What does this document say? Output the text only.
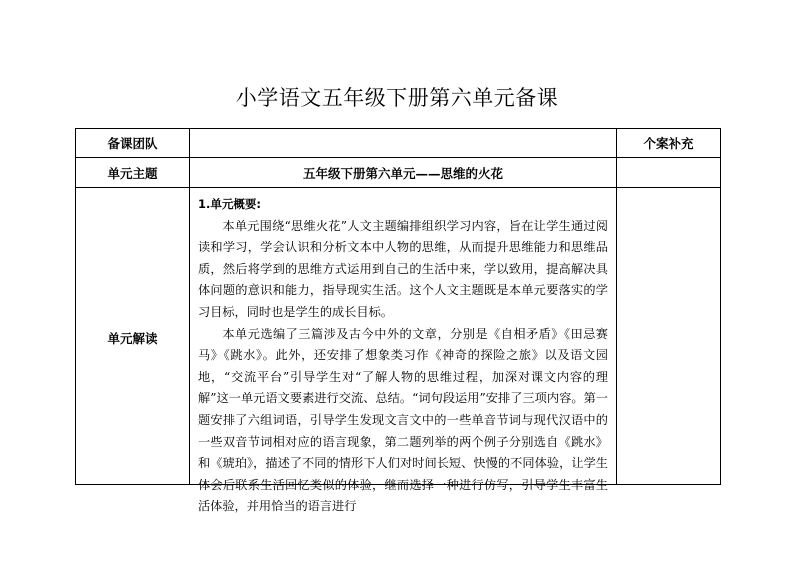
小学语文五年级下册第六单元备课
备课团队		个案补充
单元主题	五年级下册第六单元——思维的火花	
单元解读	1.单元概要:

本单元围绕“思维火花”人文主题编排组织学习内容，旨在让学生通过阅读和学习，学会认识和分析文本中人物的思维，从而提升思维能力和思维品质，然后将学到的思维方式运用到自己的生活中来，学以致用，提高解决具体问题的意识和能力，指导现实生活。这个人文主题既是本单元要落实的学习目标，同时也是学生的成长目标。

本单元选编了三篇涉及古今中外的文章，分别是《自相矛盾》《田忌赛马》《跳水》。此外，还安排了想象类习作《神奇的探险之旅》以及语文园地，“交流平台”引导学生对“了解人物的思维过程，加深对课文内容的理解”这一单元语文要素进行交流、总结。“词句段运用”安排了三项内容。第一题安排了六组词语，引导学生发现文言文中的一些单音节词与现代汉语中的一些双音节词相对应的语言现象，第二题列举的两个例子分别选自《跳水》和《琥珀》，描述了不同的情形下人们对时间长短、快慢的不同体验，让学生体会后联系生活回忆类似的体验，继而选择一种进行仿写，引导学生丰富生活体验，并用恰当的语言进行	
